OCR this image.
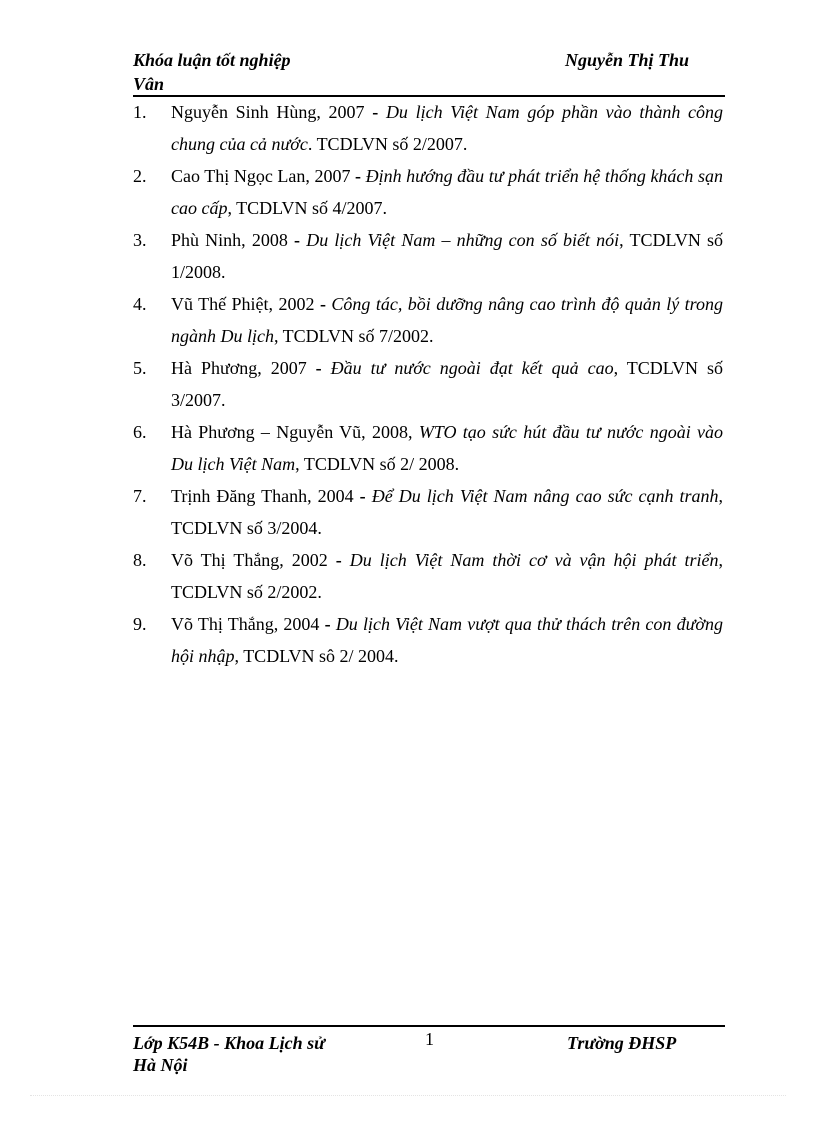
Khóa luận tốt nghiệp
Vân
Nguyễn Thị Thu
1.	Nguyễn Sinh Hùng, 2007 - Du lịch Việt Nam góp phần vào thành công chung của cả nước. TCDLVN số 2/2007.
2.	Cao Thị Ngọc Lan, 2007 - Định hướng đầu tư phát triển hệ thống khách sạn cao cấp, TCDLVN số 4/2007.
3.	Phù Ninh, 2008 - Du lịch Việt Nam – những con số biết nói, TCDLVN số 1/2008.
4.	Vũ Thế Phiệt, 2002 - Công tác, bồi dưỡng nâng cao trình độ quản lý trong ngành Du lịch, TCDLVN số 7/2002.
5.	Hà Phương, 2007 - Đầu tư nước ngoài đạt kết quả cao, TCDLVN số 3/2007.
6.	Hà Phương – Nguyễn Vũ, 2008, WTO tạo sức hút đầu tư nước ngoài vào Du lịch Việt Nam, TCDLVN số 2/ 2008.
7.	Trịnh Đăng Thanh, 2004 - Để Du lịch Việt Nam nâng cao sức cạnh tranh, TCDLVN số 3/2004.
8.	Võ Thị Thắng, 2002 - Du lịch Việt Nam thời cơ và vận hội phát triển, TCDLVN số 2/2002.
9.	Võ Thị Thắng, 2004 - Du lịch Việt Nam vượt qua thử thách trên con đường hội nhập, TCDLVN sô 2/ 2004.
Lớp K54B - Khoa Lịch sử
Hà Nội
1	Trường ĐHSP
